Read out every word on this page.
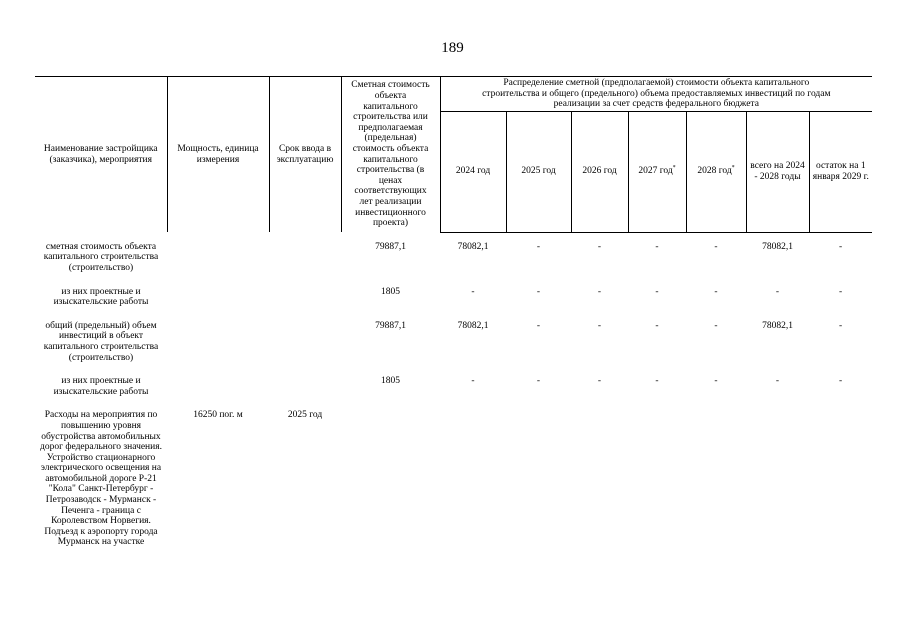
189
Наименование застройщика (заказчика), мероприятия	Мощность, единица измерения	Срок ввода в эксплуатацию	Сметная стоимость объекта капитального строительства или предполагаемая (предельная) стоимость объекта капитального строительства (в ценах соответствующих лет реализации инвестиционного проекта)	Распределение сметной (предполагаемой) стоимости объекта капитального строительства и общего (предельного) объема предоставляемых инвестиций по годам реализации за счет средств федерального бюджета						
				2024 год	2025 год	2026 год	2027 год*	2028 год*	всего на 2024 - 2028 годы	остаток на 1 января 2029 г.

сметная стоимость объекта капитального строительства (строительство)			79887,1	78082,1	-	-	-	-	78082,1	-
из них проектные и изыскательские работы			1805	-	-	-	-	-	-	-
общий (предельный) объем инвестиций в объект капитального строительства (строительство)			79887,1	78082,1	-	-	-	-	78082,1	-
из них проектные и изыскательские работы			1805	-	-	-	-	-	-	-
Расходы на мероприятия по повышению уровня обустройства автомобильных дорог федерального значения. Устройство стационарного электрического освещения на автомобильной дороге Р-21 "Кола" Санкт-Петербург - Петрозаводск - Мурманск - Печенга - граница с Королевством Норвегия. Подъезд к аэропорту города Мурманск на участке	16250 пог. м	2025 год								
